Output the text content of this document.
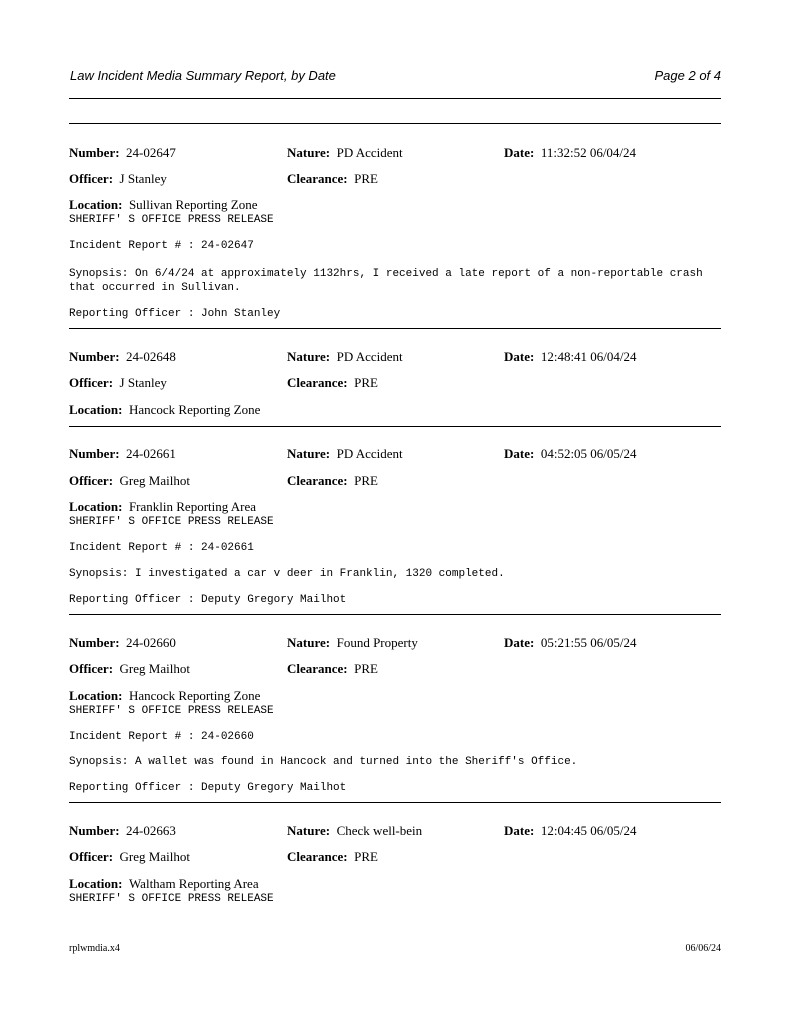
Law Incident Media Summary Report, by Date	Page 2 of 4
Number: 24-02647	Nature: PD Accident	Date: 11:32:52 06/04/24
Officer: J Stanley	Clearance: PRE
Location: Sullivan Reporting Zone
SHERIFF' S OFFICE PRESS RELEASE
Incident Report # : 24-02647
Synopsis: On 6/4/24 at approximately 1132hrs, I received a late report of a non-reportable crash that occurred in Sullivan.
Reporting Officer : John Stanley
Number: 24-02648	Nature: PD Accident	Date: 12:48:41 06/04/24
Officer: J Stanley	Clearance: PRE
Location: Hancock Reporting Zone
Number: 24-02661	Nature: PD Accident	Date: 04:52:05 06/05/24
Officer: Greg Mailhot	Clearance: PRE
Location: Franklin Reporting Area
SHERIFF' S OFFICE PRESS RELEASE
Incident Report # : 24-02661
Synopsis: I investigated a car v deer in Franklin, 1320 completed.
Reporting Officer : Deputy Gregory Mailhot
Number: 24-02660	Nature: Found Property	Date: 05:21:55 06/05/24
Officer: Greg Mailhot	Clearance: PRE
Location: Hancock Reporting Zone
SHERIFF' S OFFICE PRESS RELEASE
Incident Report # : 24-02660
Synopsis: A wallet was found in Hancock and turned into the Sheriff's Office.
Reporting Officer : Deputy Gregory Mailhot
Number: 24-02663	Nature: Check well-bein	Date: 12:04:45 06/05/24
Officer: Greg Mailhot	Clearance: PRE
Location: Waltham Reporting Area
SHERIFF' S OFFICE PRESS RELEASE
rplwmdia.x4	06/06/24
